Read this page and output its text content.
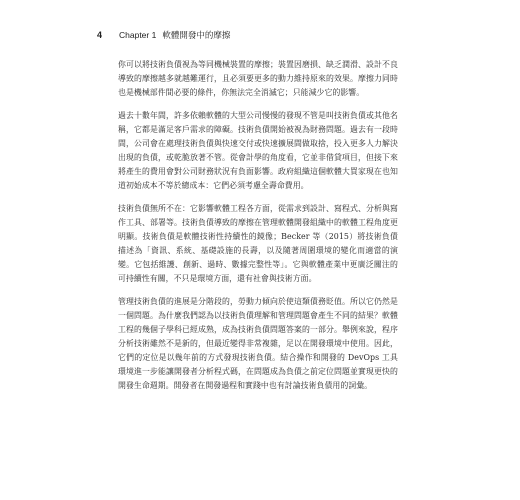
4	Chapter 1 軟體開發中的摩擦

你可以將技術負債視為等同機械裝置的摩擦；裝置因磨損、缺乏潤滑、設計不良導致的摩擦越多就越難運行，且必須要更多的動力維持原來的效果。摩擦力同時也是機械部件間必要的條件，你無法完全消滅它；只能減少它的影響。

過去十數年間，許多依賴軟體的大型公司慢慢的發現不管是叫技術負債或其他名稱，它都是滿足客戶需求的障礙。技術負債開始被視為財務問題。過去有一段時間，公司會在處理技術負債與快速交付或快速擴展間做取捨，投入更多人力解決出現的負債，或乾脆放著不管。從會計學的角度看，它並非借貸項目，但接下來將產生的費用會對公司財務狀況有負面影響。政府組織這個軟體大買家現在也知道初始成本不等於總成本：它們必須考慮全壽命費用。

技術負債無所不在：它影響軟體工程各方面，從需求到設計、寫程式、分析與寫作工具、部署等。技術負債導致的摩擦在管理軟體開發組織中的軟體工程角度更明顯。技術負債是軟體技術性持續性的鏡像；Becker 等（2015）將技術負債描述為「資訊、系統、基礎設施的長壽，以及隨著周圍環境的變化而適當的演變。它包括維護、創新、過時、數據完整性等」。它與軟體產業中更廣泛關注的可持續性有關，不只是環境方面，還有社會與技術方面。

管理技術負債的進展是分階段的，勞動力傾向於使這類債務貶值。所以它仍然是一個問題。為什麼我們認為以技術負債理解和管理問題會產生不同的結果？軟體工程的幾個子學科已經成熟，成為技術負債問題答案的一部分。舉例來說，程序分析技術雖然不是新的，但最近變得非常複雜，足以在開發環境中使用。因此，它們的定位是以幾年前的方式發現技術負債。結合操作和開發的 DevOps 工具環境進一步能讓開發者分析程式碼，在問題成為負債之前定位問題並實現更快的開發生命週期。開發者在開發過程和實踐中也有討論技術負債用的詞彙。
